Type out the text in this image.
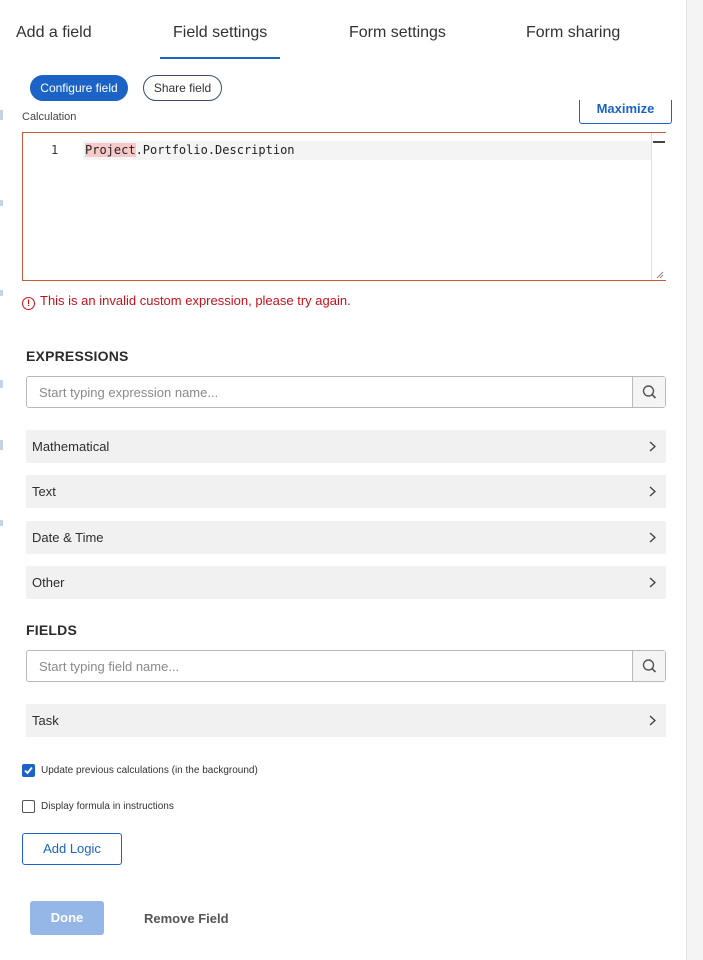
Add a field	Field settings	Form settings	Form sharing
Configure field	Share field
Maximize
Calculation
1 Project.Portfolio.Description
! This is an invalid custom expression, please try again.
EXPRESSIONS
Start typing expression name...
Mathematical
Text
Date & Time
Other
FIELDS
Start typing field name...
Task
Update previous calculations (in the background)
Display formula in instructions
Add Logic
Done	Remove Field
